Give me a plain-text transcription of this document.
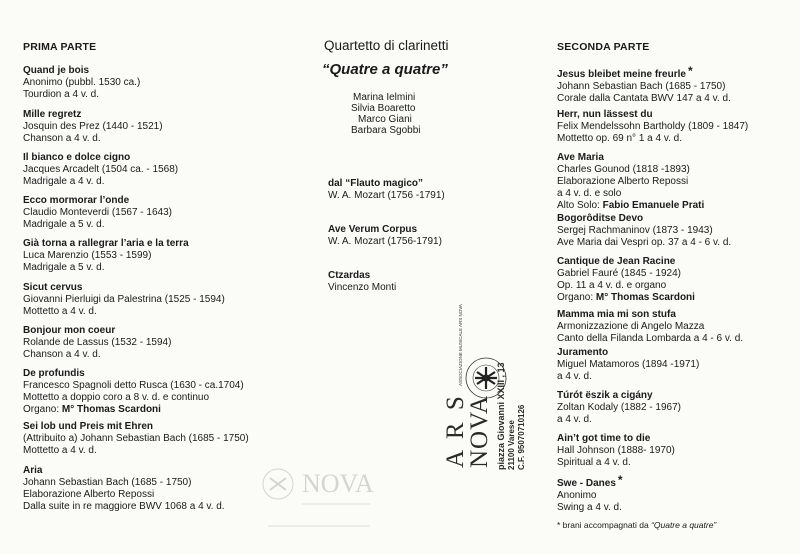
PRIMA PARTE
Quand je bois
Anonimo (pubbl. 1530 ca.)
Tourdion a 4 v. d.
Mille regretz
Josquin des Prez (1440 - 1521)
Chanson a 4 v. d.
Il bianco e dolce cigno
Jacques Arcadelt (1504 ca. - 1568)
Madrigale a 4 v. d.
Ecco mormorar l’onde
Claudio Monteverdi (1567 - 1643)
Madrigale a 5 v. d.
Già torna a rallegrar l’aria e la terra
Luca Marenzio (1553 - 1599)
Madrigale a 5 v. d.
Sicut cervus
Giovanni Pierluigi da Palestrina (1525 - 1594)
Mottetto a 4 v. d.
Bonjour mon coeur
Rolande de Lassus (1532 - 1594)
Chanson a 4 v. d.
De profundis
Francesco Spagnoli detto Rusca (1630 - ca.1704)
Mottetto a doppio coro a 8 v. d. e continuo
Organo: M° Thomas Scardoni
Sei lob und Preis mit Ehren
(Attribuito a) Johann Sebastian Bach (1685 - 1750)
Mottetto a 4 v. d.
Aria
Johann Sebastian Bach (1685 - 1750)
Elaborazione Alberto Repossi
Dalla suite in re maggiore BWV 1068 a 4 v. d.
Quartetto di clarinetti
“Quatre a quatre”
Marina Ielmini
Silvia Boaretto
Marco Giani
Barbara Sgobbi
dal “Flauto magico”
W. A. Mozart (1756 -1791)
Ave Verum Corpus
W. A. Mozart (1756-1791)
Ctzardas
Vincenzo Monti
SECONDA PARTE
Jesus bleibet meine freurle *
Johann Sebastian Bach (1685 - 1750)
Corale dalla Cantata BWV 147 a 4 v. d.
Herr, nun lässest du
Felix Mendelssohn Bartholdy (1809 - 1847)
Mottetto op. 69 n° 1 a 4 v. d.
Ave Maria
Charles Gounod (1818 -1893)
Elaborazione Alberto Repossi
a 4 v. d. e solo
Alto Solo: Fabio Emanuele Prati
Bogorôditse Devo
Sergej Rachmaninov (1873 - 1943)
Ave Maria dai Vespri op. 37 a 4 - 6 v. d.
Cantique de Jean Racine
Gabriel Fauré (1845 - 1924)
Op. 11 a 4 v. d. e organo
Organo: M° Thomas Scardoni
Mamma mia mi son stufa
Armonizzazione di Angelo Mazza
Canto della Filanda Lombarda a 4 - 6 v. d.
Juramento
Miguel Matamoros (1894 -1971)
a 4 v. d.
Túrót ëszik a cigány
Zoltan Kodaly (1882 - 1967)
a 4 v. d.
Ain’t got time to die
Hall Johnson (1888- 1970)
Spiritual a 4 v. d.
Swe - Danes *
Anonimo
Swing a 4 v. d.
* brani accompagnati da “Quatre a quatre”
ASSOCIAZIONE MUSICALE ARS NOVA
A R S
NOVA piazza Giovanni XXIII , 13 21100 Varese C.F. 95070710126
NOVA
